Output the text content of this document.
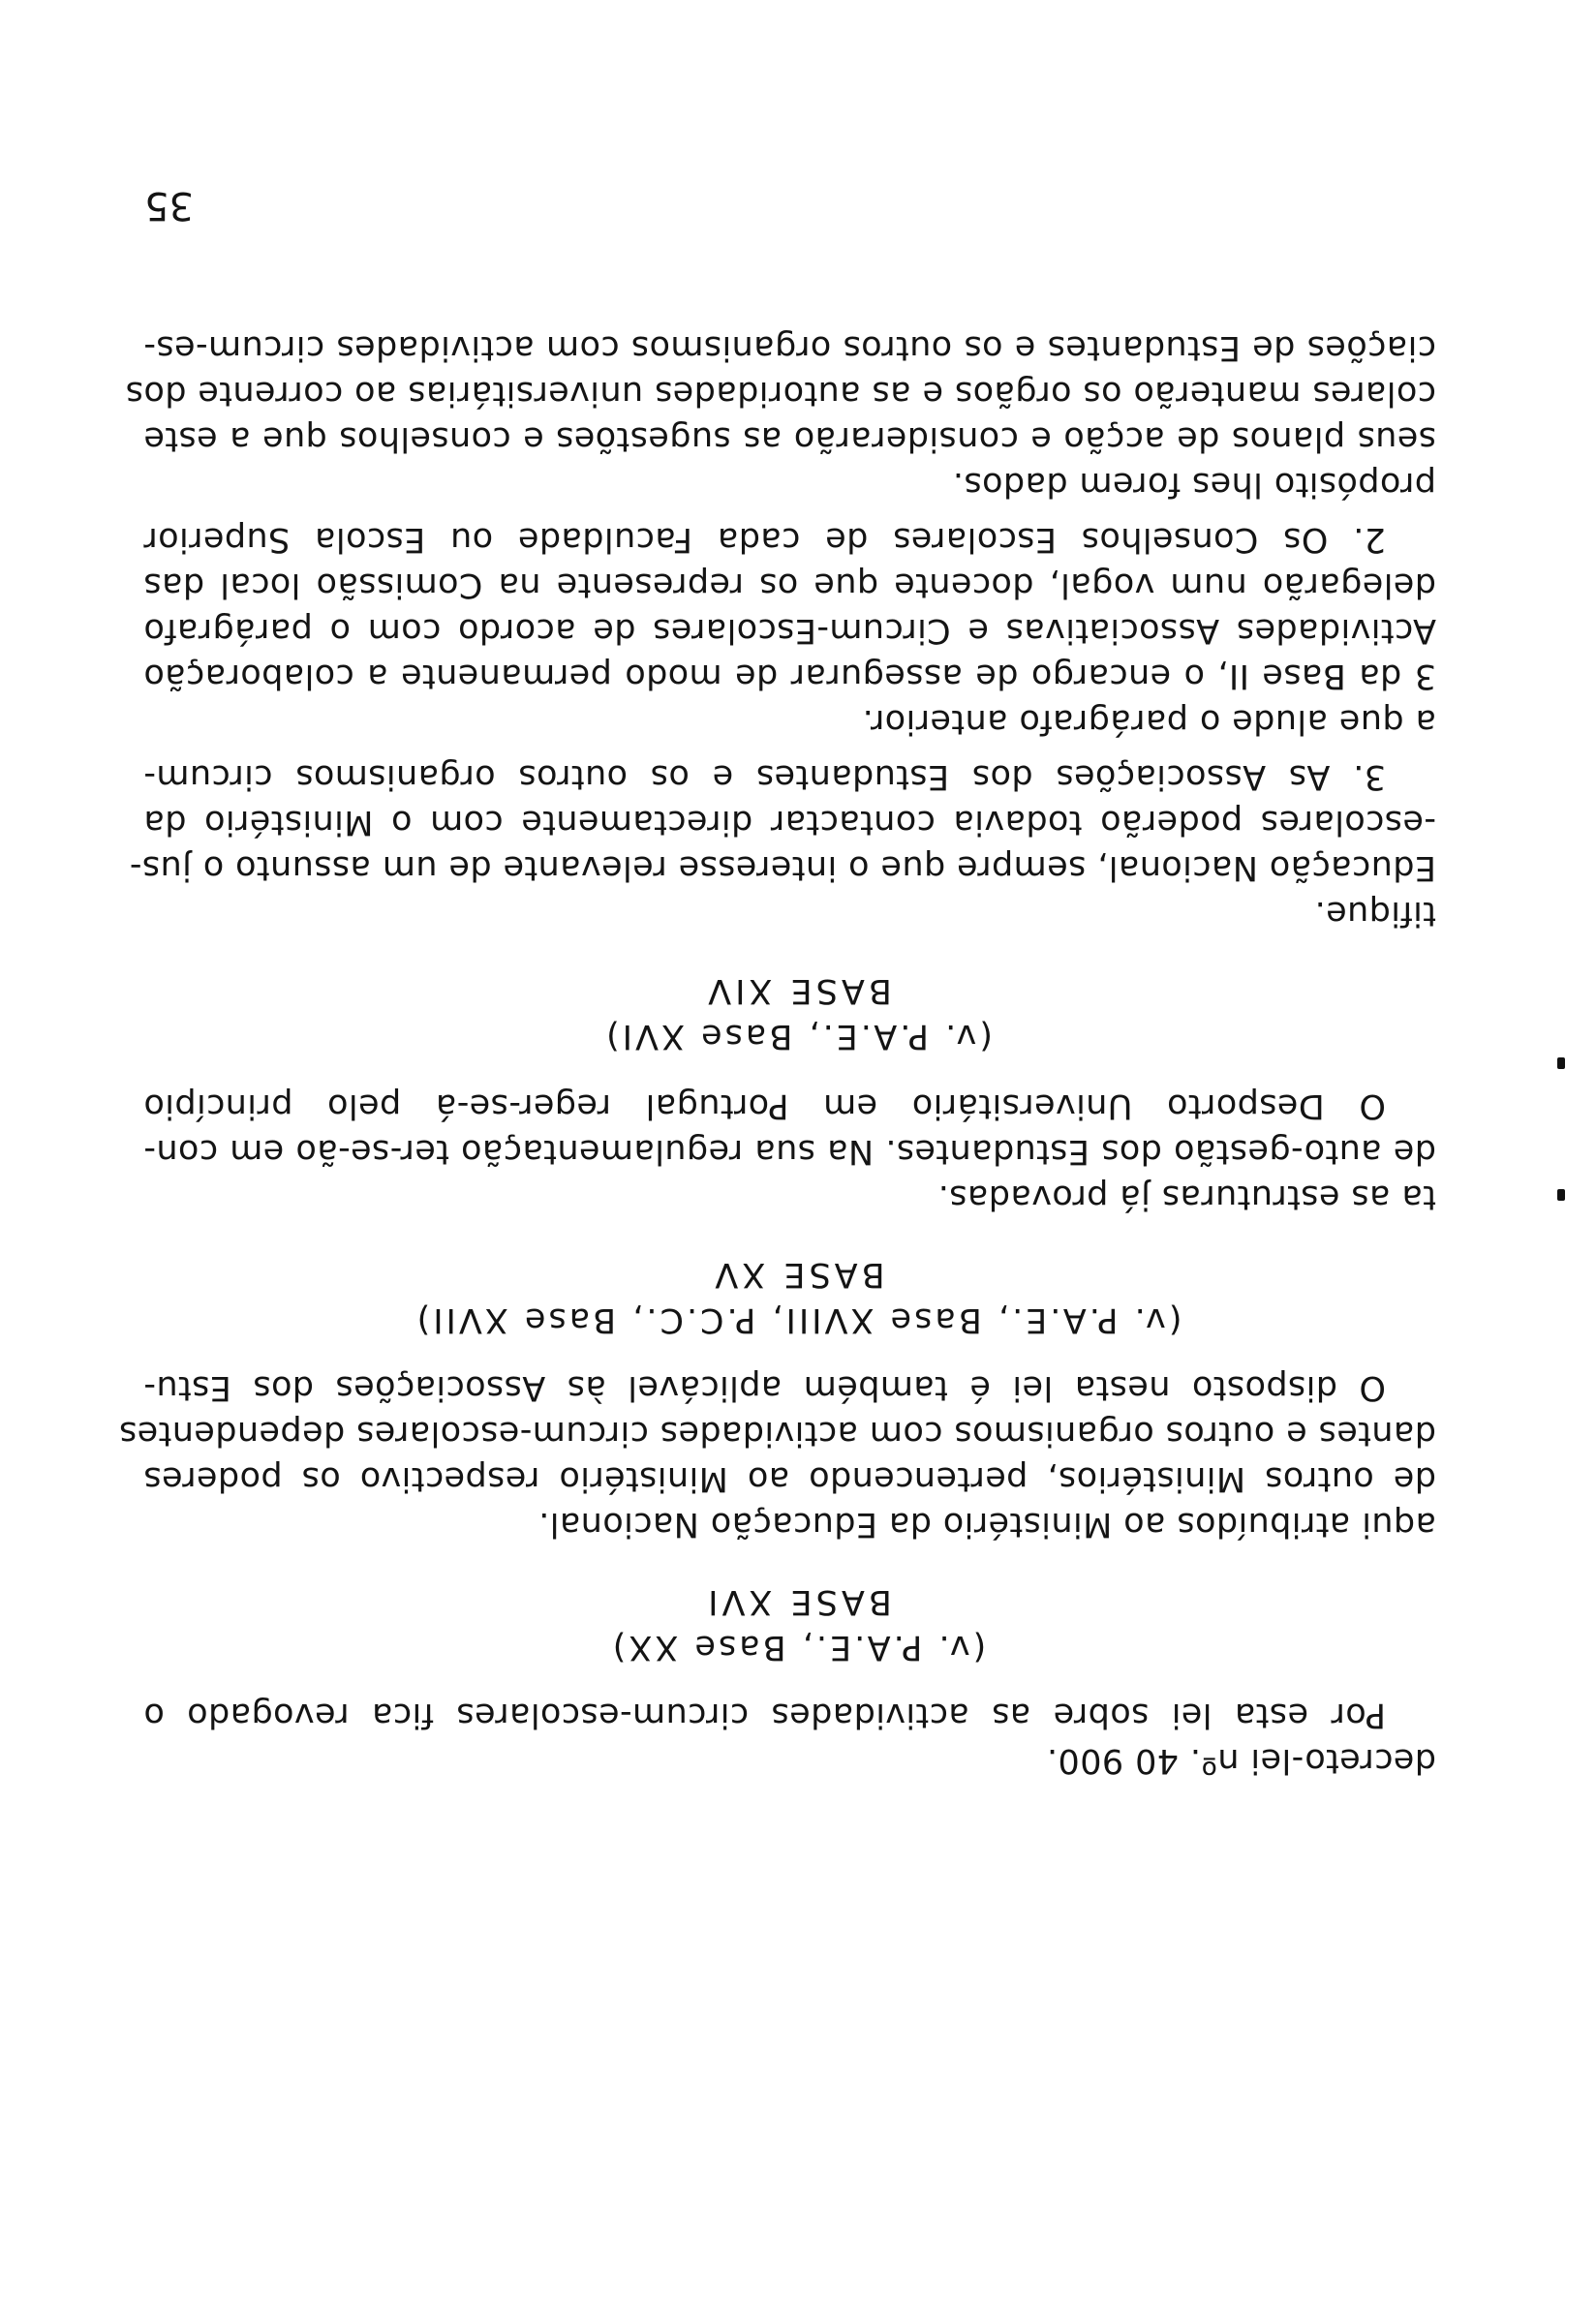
35
ciações de Estudantes e os outros organismos com actividades circum-es-
colares manterão os orgãos e as autoridades universitárias ao corrente dos
seus planos de acção e considerarão as sugestões e conselhos que a este
propósito lhes forem dados.
2. Os Conselhos Escolares de cada Faculdade ou Escola Superior
delegarão num vogal, docente que os represente na Comissão local das
Actividades Associativas e Circum-Escolares de acordo com o parágrafo
3 da Base II, o encargo de assegurar de modo permanente a colaboração
a que alude o parágrafo anterior.
3. As Associações dos Estudantes e os outros organismos circum-
-escolares poderão todavia contactar directamente com o Ministério da
Educação Nacional, sempre que o interesse relevante de um assunto o jus-
tifique.
BASE XIV
(v. P.A.E., Base XVI)
O Desporto Universitário em Portugal reger-se-á pelo princípio
de auto-gestão dos Estudantes. Na sua regulamentação ter-se-ão em con-
ta as estruturas já provadas.
BASE XV
(v. P.A.E., Base XVIII, P.C.C., Base XVII)
O disposto nesta lei é também aplicável às Associações dos Estu-
dantes e outros organismos com actividades circum-escolares dependentes
de outros Ministérios, pertencendo ao Ministério respectivo os poderes
aqui atribuídos ao Ministério da Educação Nacional.
BASE XVI
(v. P.A.E., Base XX)
Por esta lei sobre as actividades circum-escolares fica revogado o
decreto-lei nº. 40 900.
